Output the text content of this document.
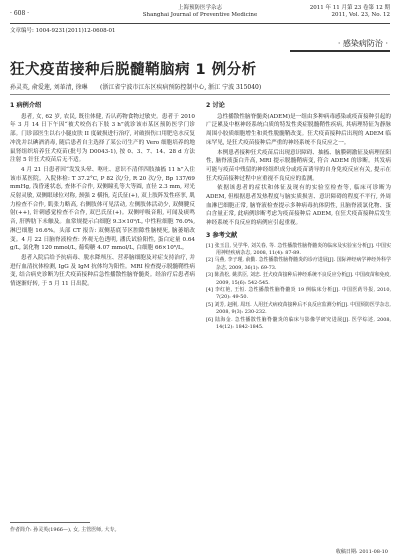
· 608 ·
上海预防医学杂志
Shanghai Journal of Preventive Medicine
2011 年 11 月第 23 卷第 12 期
2011, Vol. 23, No. 12
文章编号: 1004-9231(2011)12-0608-01
· 感染病防治 ·
狂犬疫苗接种后脱髓鞘脑病 1 例分析
孙灵英, 俞爱莲, 刘革清, 徐琳 (浙江省宁波市江东区疾病预防控制中心, 浙江 宁波 315040)
1 病例介绍

患者, 女, 62 岁, 农民, 既往体健, 否认药物食物过敏史。患者于 2010 年 3 月 14 日下午因“被犬咬伤右下肢 3 h”就诊该市某区预防医学门诊部。门诊部医生以右小腿皮肤 II 度破损进行治疗, 对破损伤口用肥皂水反复冲洗并以碘酒消毒, 随后患者自主选择了某公司生产的 Vero 细胞培养的地鼠肾组织培养狂犬疫苗(批号为 D0043-1), 按 0、3、7、14、28 d 方法注射 5 针狂犬疫苗后无不适。

4 月 21 日患者因“发发头晕、呕吐、意识不清伴四肢抽搐 11 h”入住该市某医院。入院体检: T 37.2°C, P 82 次/分, R 20 次/分, Bp 137/69 mmHg, 浅昏迷状态, 查体不合作, 双侧瞳孔等大等圆, 直径 2.3 mm, 对光反射灵敏, 双侧眼球位对称, 颈强 2 横指, 克氏征(+), 双上肢阵发性痉挛, 肌力检查不合作, 肌张力略高, 右侧肢体可见活动, 左侧肢体活动少, 双侧腱反射(++), 针刺感觉检查不合作, 双巴氏征(+)。双侧呼吸音粗, 可闻及痰鸣音, 肝脾肋下未触及。血常规提示白细胞 9.3×10⁹/L, 中性粒细胞 76.0%, 淋巴细胞 16.6%。头部 CT 报告: 双侧基底节区腔隙性脑梗死, 脑萎缩改变。4 月 22 日脑脊液检查: 外观无色透明, 潘氏试验阳性, 蛋白定量 0.64 g/L, 氯化物 120 mmol/L, 葡萄糖 4.07 mmol/L, 白细胞 66×10⁶/L。

患者入院后给予抗病毒、脱水降颅压、营养脑细胞及对症支持治疗, 并进行血清抗体检测, IgG 及 IgM 抗体均为阳性。MRI 检查提示脱髓鞘性病变, 结合病史诊断为狂犬疫苗接种后急性播散性脑脊髓炎。经治疗后患者病情逐渐好转, 于 5 月 11 日出院。

2 讨论

急性播散性脑脊髓炎(ADEM)是一组由多种病毒感染或疫苗接种引起的广泛累及中枢神经系统白质的特发性炎症脱髓鞘性疾病, 其病理特征为静脉周围小胶质细胞增生和炎性脱髓鞘改变。狂犬疫苗接种后出现的 ADEM 临床罕见, 是狂犬疫苗接种后严重的神经系统不良反应之一。

本例患者接种狂犬疫苗后出现意识障碍、抽搐、脑膜刺激征及病理征阳性, 脑脊液蛋白升高, MRI 提示脱髓鞘病变, 符合 ADEM 的诊断。其发病可能与疫苗中残留的神经组织成分或疫苗诱导的自身免疫反应有关, 提示在狂犬疫苗接种过程中应重视不良反应的监测。

依据该患者的症状和体征及现有的实验室检查等, 临床可诊断为 ADEM, 但根据患者发热程度与脑实质损害、意识障碍的程度不平行, 外周血淋巴细胞正常, 脑脊液检查提示多种病毒抗体阴性, 且脑脊液氯化物、蛋白含量正常, 此病例诊断考虑为疫苗接种后 ADEM, 在狂犬疫苗接种后发生神经系统不良反应的病例应引起重视。

3 参考文献

[1] 张玉昌, 吴学华, 刘关春, 等. 急性播散性脑脊髓炎的临床及实验室分析[J]. 中国实用神经疾病杂志, 2008, 11(4): 87-89.

[2] 马燕, 李子瑾, 俞勤. 急性播散性脑脊髓炎的诊疗进展[J]. 国际神经病学神经外科学杂志, 2009, 36(1): 69-73.

[3] 陈劲松, 姚洪臣, 刘忠. 狂犬疫苗接种后神经系统不良反应分析[J]. 中国疫苗和免疫, 2009, 15(6): 542-545.

[4] 李红艳, 王恒. 急性播散性脑脊髓炎 19 例临床分析[J]. 中国医药导报, 2010, 7(20): 49-50.

[5] 刘芳, 赵刚, 周珏. 人用狂犬病疫苗接种后不良反应监测分析[J]. 中国预防医学杂志, 2008, 9(3): 230-232.

[6] 陆海金. 急性播散性脑脊髓炎的临床与影像学研究进展[J]. 医学综述, 2008, 14(12): 1842-1845.

作者简介: 孙灵英(1966—), 女, 主管医师, 大专。
收稿日期: 2011-08-10
